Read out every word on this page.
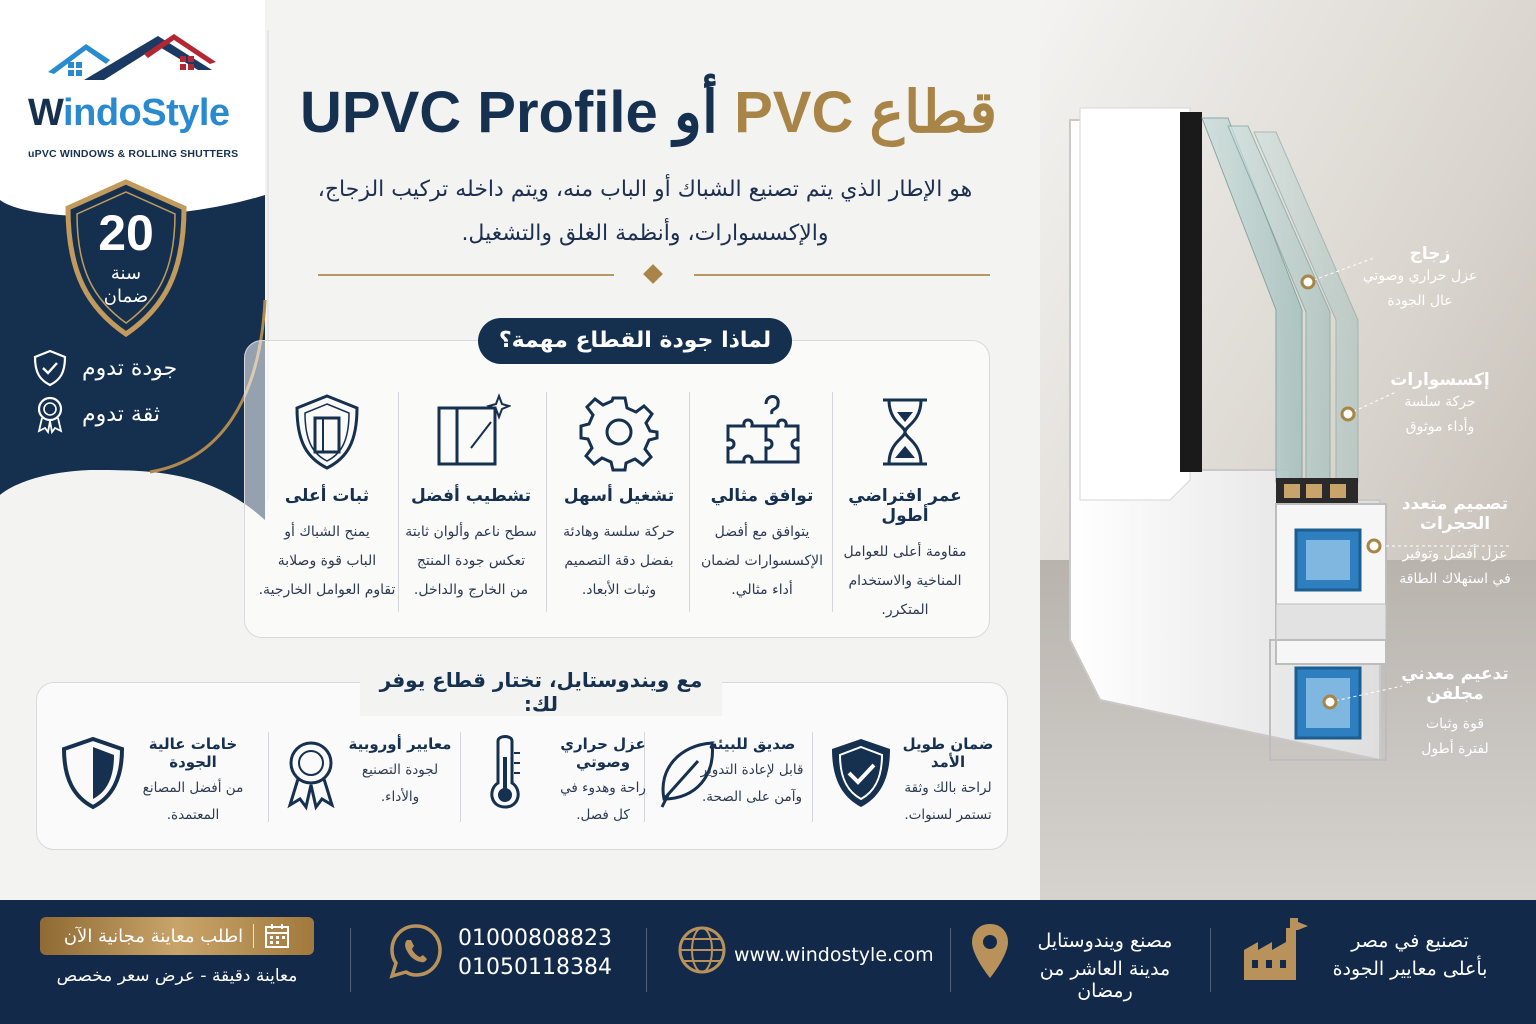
WindoStyle
uPVC WINDOWS & ROLLING SHUTTERS
20
سنة
ضمان
جودة تدوم
ثقة تدوم
UPVC Profile أو PVC قطاع
هو الإطار الذي يتم تصنيع الشباك أو الباب منه، ويتم داخله تركيب الزجاج،
والإكسسوارات، وأنظمة الغلق والتشغيل.
لماذا جودة القطاع مهمة؟
عمر افتراضي أطول
مقاومة أعلى للعوامل
المناخية والاستخدام
المتكرر.
توافق مثالي
يتوافق مع أفضل
الإكسسوارات لضمان
أداء مثالي.
تشغيل أسهل
حركة سلسة وهادئة
بفضل دقة التصميم
وثبات الأبعاد.
تشطيب أفضل
سطح ناعم وألوان ثابتة
تعكس جودة المنتج
من الخارج والداخل.
ثبات أعلى
يمنح الشباك أو
الباب قوة وصلابة
تقاوم العوامل الخارجية.
مع ويندوستايل، تختار قطاع يوفر لك:
ضمان طويل الأمد
لراحة بالك وثقة
تستمر لسنوات.
صديق للبيئة
قابل لإعادة التدوير
وآمن على الصحة.
عزل حراري وصوتي
راحة وهدوء في
كل فصل.
معايير أوروبية
لجودة التصنيع
والأداء.
خامات عالية الجودة
من أفضل المصانع
المعتمدة.
زجاج
عزل حراري وصوتي
عال الجودة
إكسسوارات
حركة سلسة
وأداء موثوق
تصميم متعدد
الحجرات
عزل أفضل وتوفير
في استهلاك الطاقة
تدعيم معدني
مجلفن
قوة وثبات
لفترة أطول
تصنيع في مصر
بأعلى معايير الجودة
مصنع ويندوستايل
مدينة العاشر من رمضان
www.windostyle.com
01000808823
01050118384
اطلب معاينة مجانية الآن
معاينة دقيقة - عرض سعر مخصص
